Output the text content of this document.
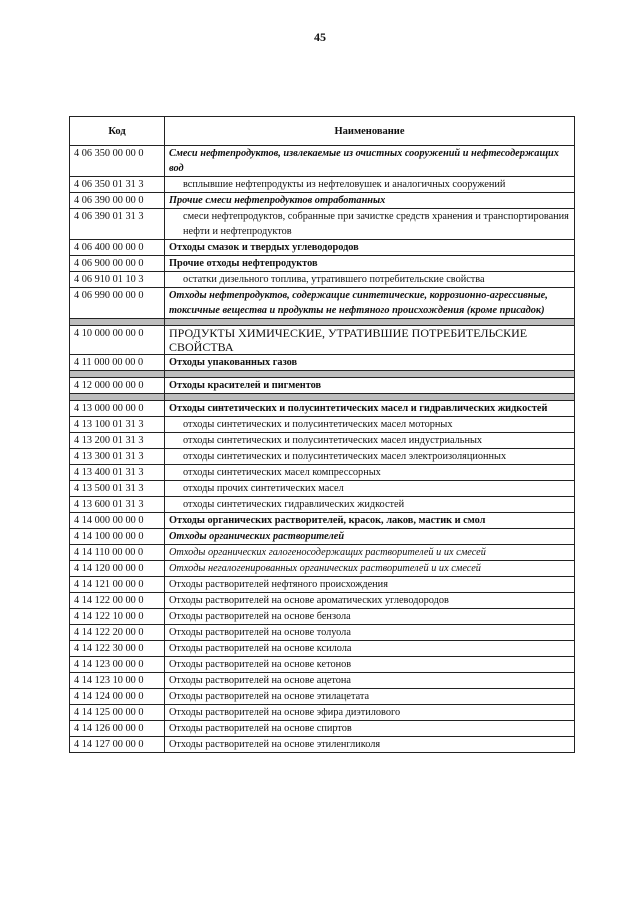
45
Код	Наименование
4 06 350 00 00 0	Смеси нефтепродуктов, извлекаемые из очистных сооружений и нефтесодержащих вод
4 06 350 01 31 3	всплывшие нефтепродукты из нефтеловушек и аналогичных сооружений
4 06 390 00 00 0	Прочие смеси нефтепродуктов отработанных
4 06 390 01 31 3	смеси нефтепродуктов, собранные при зачистке средств хранения и транспортирования нефти и нефтепродуктов
4 06 400 00 00 0	Отходы смазок и твердых углеводородов
4 06 900 00 00 0	Прочие отходы нефтепродуктов
4 06 910 01 10 3	остатки дизельного топлива, утратившего потребительские свойства
4 06 990 00 00 0	Отходы нефтепродуктов, содержащие синтетические, коррозионно-агрессивные, токсичные вещества и продукты не нефтяного происхождения (кроме присадок)

4 10 000 00 00 0	ПРОДУКТЫ ХИМИЧЕСКИЕ, УТРАТИВШИЕ ПОТРЕБИТЕЛЬСКИЕ СВОЙСТВА
4 11 000 00 00 0	Отходы упакованных газов

4 12 000 00 00 0	Отходы красителей и пигментов

4 13 000 00 00 0	Отходы синтетических и полусинтетических масел и гидравлических жидкостей
4 13 100 01 31 3	отходы синтетических и полусинтетических масел моторных
4 13 200 01 31 3	отходы синтетических и полусинтетических масел индустриальных
4 13 300 01 31 3	отходы синтетических и полусинтетических масел электроизоляционных
4 13 400 01 31 3	отходы синтетических масел компрессорных
4 13 500 01 31 3	отходы прочих синтетических масел
4 13 600 01 31 3	отходы синтетических гидравлических жидкостей
4 14 000 00 00 0	Отходы органических растворителей, красок, лаков, мастик и смол
4 14 100 00 00 0	Отходы органических растворителей
4 14 110 00 00 0	Отходы органических галогеносодержащих растворителей и их смесей
4 14 120 00 00 0	Отходы негалогенированных органических растворителей и их смесей
4 14 121 00 00 0	Отходы растворителей нефтяного происхождения
4 14 122 00 00 0	Отходы растворителей на основе ароматических углеводородов
4 14 122 10 00 0	Отходы растворителей на основе бензола
4 14 122 20 00 0	Отходы растворителей на основе толуола
4 14 122 30 00 0	Отходы растворителей на основе ксилола
4 14 123 00 00 0	Отходы растворителей на основе кетонов
4 14 123 10 00 0	Отходы растворителей на основе ацетона
4 14 124 00 00 0	Отходы растворителей на основе этилацетата
4 14 125 00 00 0	Отходы растворителей на основе эфира диэтилового
4 14 126 00 00 0	Отходы растворителей на основе спиртов
4 14 127 00 00 0	Отходы растворителей на основе этиленгликоля
